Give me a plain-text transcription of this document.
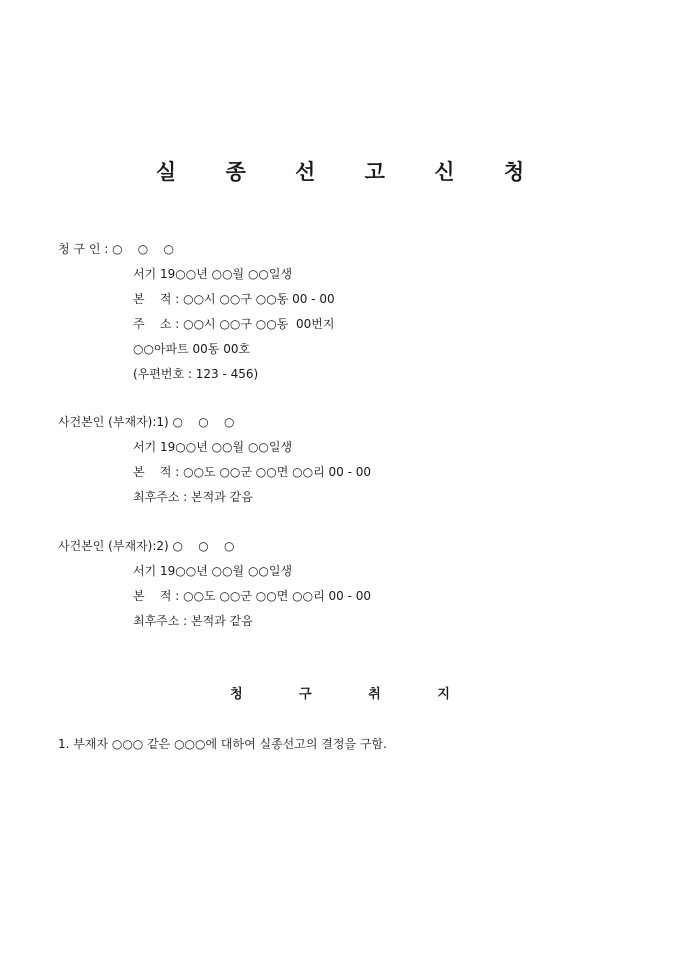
실 종 선 고 신 청
청 구 인 : ○    ○    ○
서기 19○○년 ○○월 ○○일생
본    적 : ○○시 ○○구 ○○동 00 - 00
주    소 : ○○시 ○○구 ○○동  00번지
○○아파트 00동 00호
(우편번호 : 123 - 456)
사건본인 (부재자):1) ○    ○    ○
서기 19○○년 ○○월 ○○일생
본    적 : ○○도 ○○군 ○○면 ○○리 00 - 00
최후주소 : 본적과 같음
사건본인 (부재자):2) ○    ○    ○
서기 19○○년 ○○월 ○○일생
본    적 : ○○도 ○○군 ○○면 ○○리 00 - 00
최후주소 : 본적과 같음
청 구 취 지
1. 부재자 ○○○ 같은 ○○○에 대하여 실종선고의 결정을 구함.
